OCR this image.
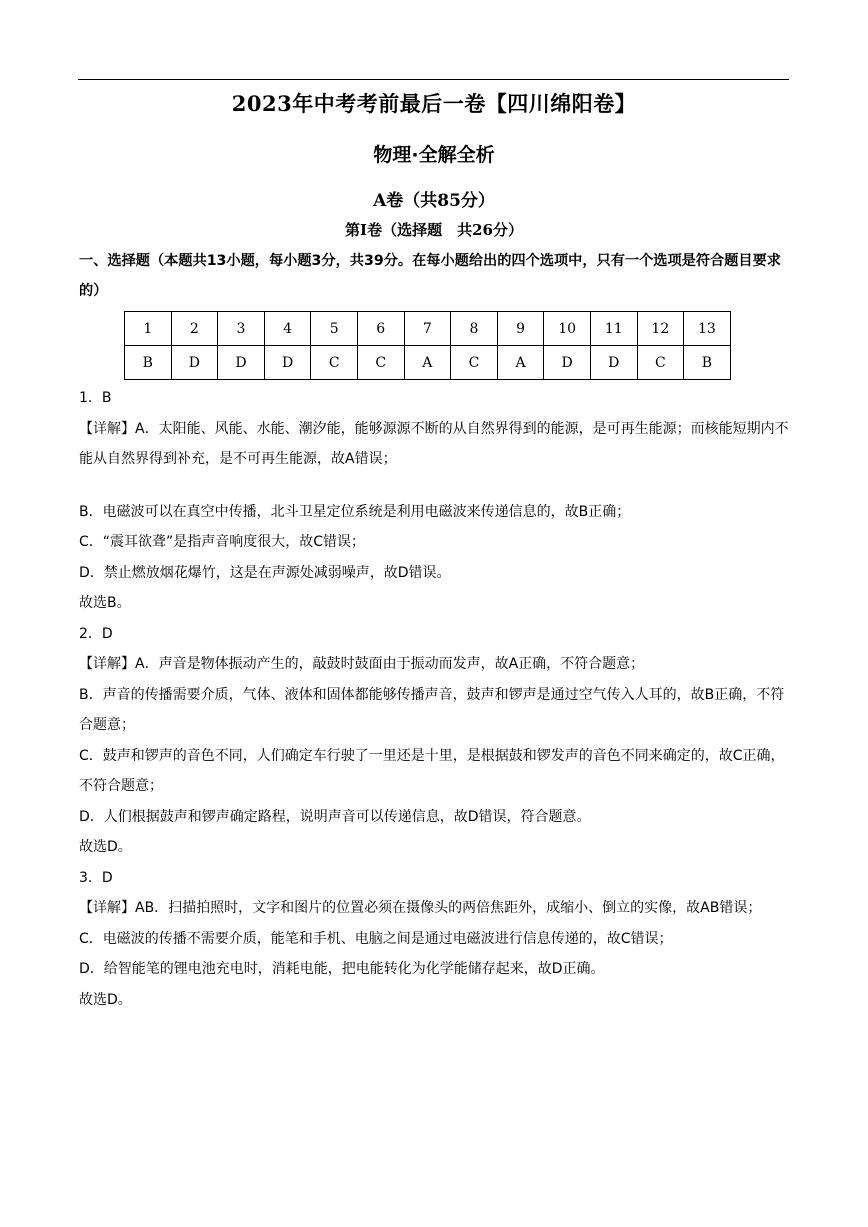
2023年中考考前最后一卷【四川绵阳卷】
物理·全解全析
A卷（共85分）
第I卷（选择题　共26分）
一、选择题（本题共13小题，每小题3分，共39分。在每小题给出的四个选项中，只有一个选项是符合题目要求的）
1	2	3	4	5	6	7	8	9	10	11	12	13
B	D	D	D	C	C	A	C	A	D	D	C	B

1．B

【详解】A．太阳能、风能、水能、潮汐能，能够源源不断的从自然界得到的能源，是可再生能源；而核能短期内不能从自然界得到补充，是不可再生能源，故A错误；

B．电磁波可以在真空中传播，北斗卫星定位系统是利用电磁波来传递信息的，故B正确；

C．“震耳欲聋”是指声音响度很大，故C错误；

D．禁止燃放烟花爆竹，这是在声源处减弱噪声，故D错误。

故选B。

2．D

【详解】A．声音是物体振动产生的，敲鼓时鼓面由于振动而发声，故A正确，不符合题意；

B．声音的传播需要介质，气体、液体和固体都能够传播声音，鼓声和锣声是通过空气传入人耳的，故B正确，不符合题意；

C．鼓声和锣声的音色不同，人们确定车行驶了一里还是十里，是根据鼓和锣发声的音色不同来确定的，故C正确，不符合题意；

D．人们根据鼓声和锣声确定路程，说明声音可以传递信息，故D错误，符合题意。

故选D。

3．D

【详解】AB．扫描拍照时，文字和图片的位置必须在摄像头的两倍焦距外，成缩小、倒立的实像，故AB错误；

C．电磁波的传播不需要介质，能笔和手机、电脑之间是通过电磁波进行信息传递的，故C错误；

D．给智能笔的锂电池充电时，消耗电能，把电能转化为化学能储存起来，故D正确。

故选D。
